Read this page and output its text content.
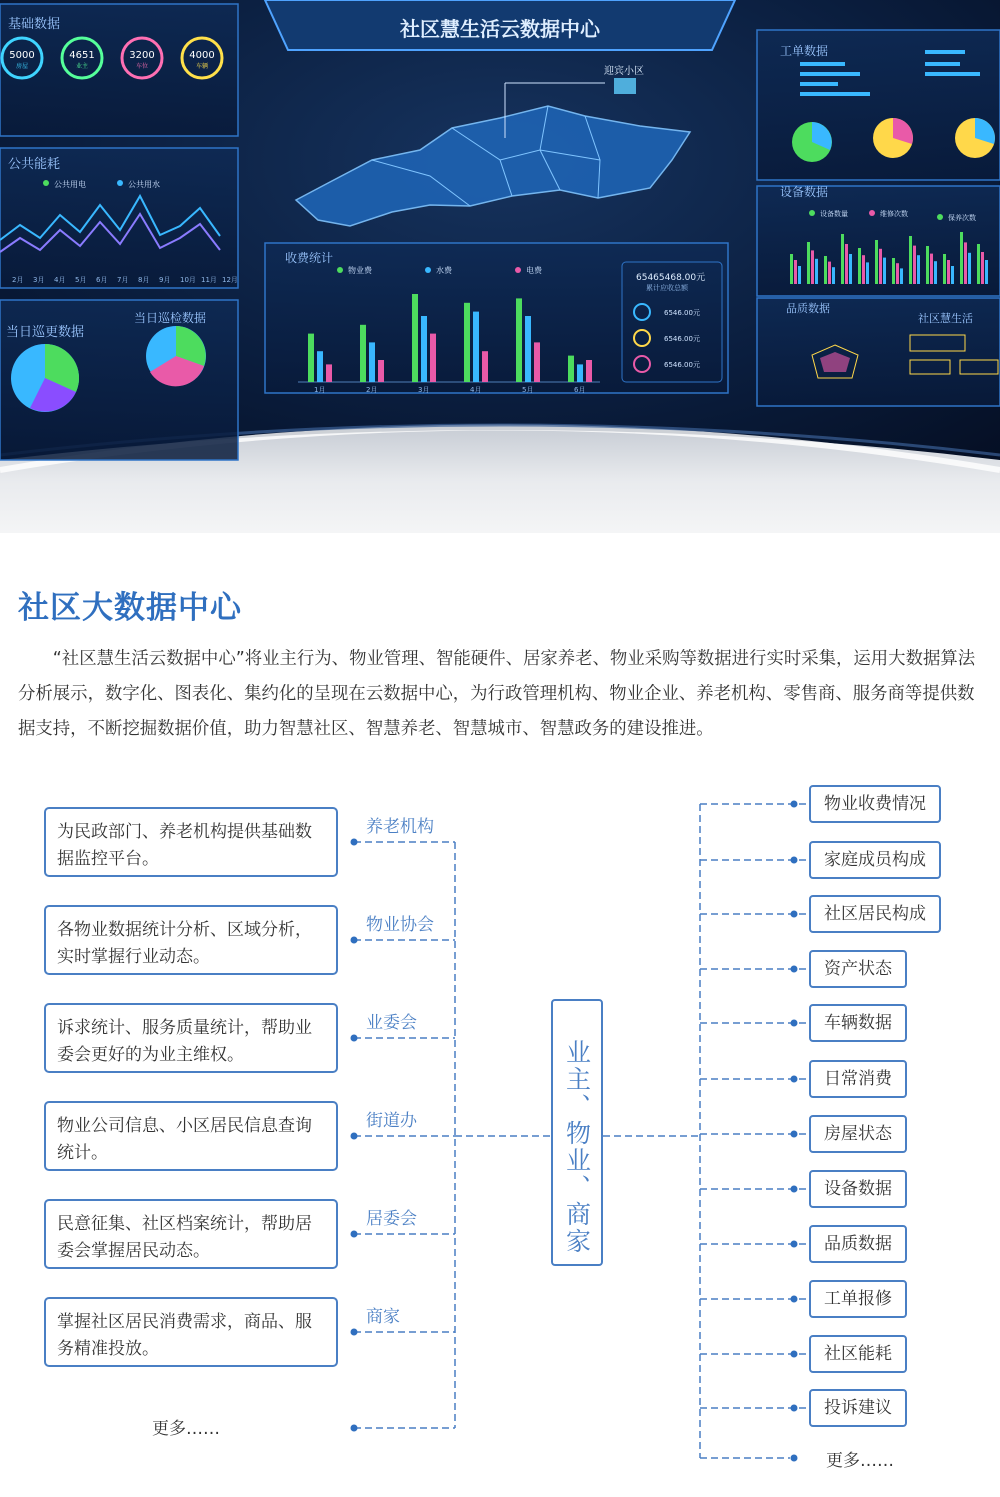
社区慧生活云数据中心
基础数据
5000
房屋
4651
业主
3200
车位
4000
车辆
公共能耗
公共用电	公共用水
2月 3月 4月 5月 6月 7月 8月 9月 10月 11月 12月
当日巡更数据
当日巡检数据
迎宾小区
收费统计
物业费	水费	电费
1月	2月	3月	4月	5月	6月
65465468.00元
累计应收总额
6546.00元
6546.00元
6546.00元
工单数据
设备数据
设备数量	维修次数	保养次数
品质数据
社区慧生活
社区大数据中心

“社区慧生活云数据中心”将业主行为、物业管理、智能硬件、居家养老、物业采购等数据进行实时采集，运用大数据算法分析展示，数字化、图表化、集约化的呈现在云数据中心，为行政管理机构、物业企业、养老机构、零售商、服务商等提供数据支持，不断挖掘数据价值，助力智慧社区、智慧养老、智慧城市、智慧政务的建设推进。

为民政部门、养老机构提供基础数据监控平台。
养老机构
各物业数据统计分析、区域分析，实时掌握行业动态。
物业协会
诉求统计、服务质量统计，帮助业委会更好的为业主维权。
业委会
物业公司信息、小区居民信息查询统计。
街道办
民意征集、社区档案统计，帮助居委会掌握居民动态。
居委会
掌握社区居民消费需求，商品、服务精准投放。
商家
更多……
业主、物业、商家
物业收费情况
家庭成员构成
社区居民构成
资产状态
车辆数据
日常消费
房屋状态
设备数据
品质数据
工单报修
社区能耗
投诉建议
更多……
